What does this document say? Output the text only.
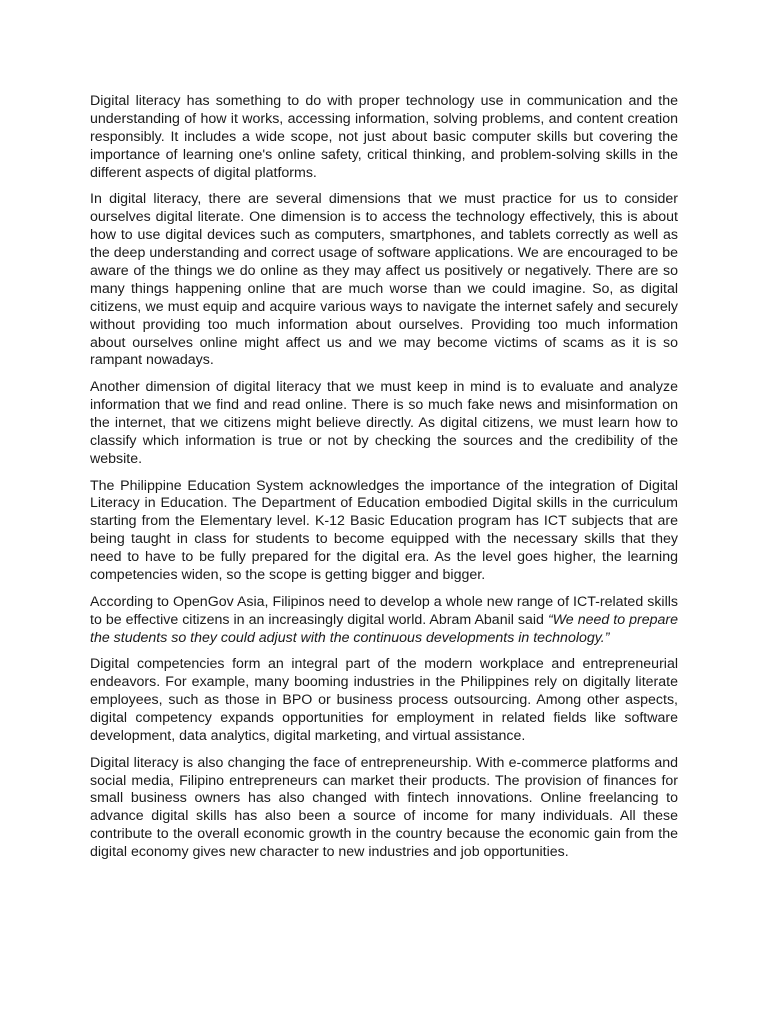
Digital literacy has something to do with proper technology use in communication and the understanding of how it works, accessing information, solving problems, and content creation responsibly. It includes a wide scope, not just about basic computer skills but covering the importance of learning one's online safety, critical thinking, and problem-solving skills in the different aspects of digital platforms.

In digital literacy, there are several dimensions that we must practice for us to consider ourselves digital literate. One dimension is to access the technology effectively, this is about how to use digital devices such as computers, smartphones, and tablets correctly as well as the deep understanding and correct usage of software applications. We are encouraged to be aware of the things we do online as they may affect us positively or negatively. There are so many things happening online that are much worse than we could imagine. So, as digital citizens, we must equip and acquire various ways to navigate the internet safely and securely without providing too much information about ourselves. Providing too much information about ourselves online might affect us and we may become victims of scams as it is so rampant nowadays.

Another dimension of digital literacy that we must keep in mind is to evaluate and analyze information that we find and read online. There is so much fake news and misinformation on the internet, that we citizens might believe directly. As digital citizens, we must learn how to classify which information is true or not by checking the sources and the credibility of the website.

The Philippine Education System acknowledges the importance of the integration of Digital Literacy in Education. The Department of Education embodied Digital skills in the curriculum starting from the Elementary level. K-12 Basic Education program has ICT subjects that are being taught in class for students to become equipped with the necessary skills that they need to have to be fully prepared for the digital era. As the level goes higher, the learning competencies widen, so the scope is getting bigger and bigger.

According to OpenGov Asia, Filipinos need to develop a whole new range of ICT-related skills to be effective citizens in an increasingly digital world. Abram Abanil said “We need to prepare the students so they could adjust with the continuous developments in technology.”

Digital competencies form an integral part of the modern workplace and entrepreneurial endeavors. For example, many booming industries in the Philippines rely on digitally literate employees, such as those in BPO or business process outsourcing. Among other aspects, digital competency expands opportunities for employment in related fields like software development, data analytics, digital marketing, and virtual assistance.

Digital literacy is also changing the face of entrepreneurship. With e-commerce platforms and social media, Filipino entrepreneurs can market their products. The provision of finances for small business owners has also changed with fintech innovations. Online freelancing to advance digital skills has also been a source of income for many individuals. All these contribute to the overall economic growth in the country because the economic gain from the digital economy gives new character to new industries and job opportunities.
